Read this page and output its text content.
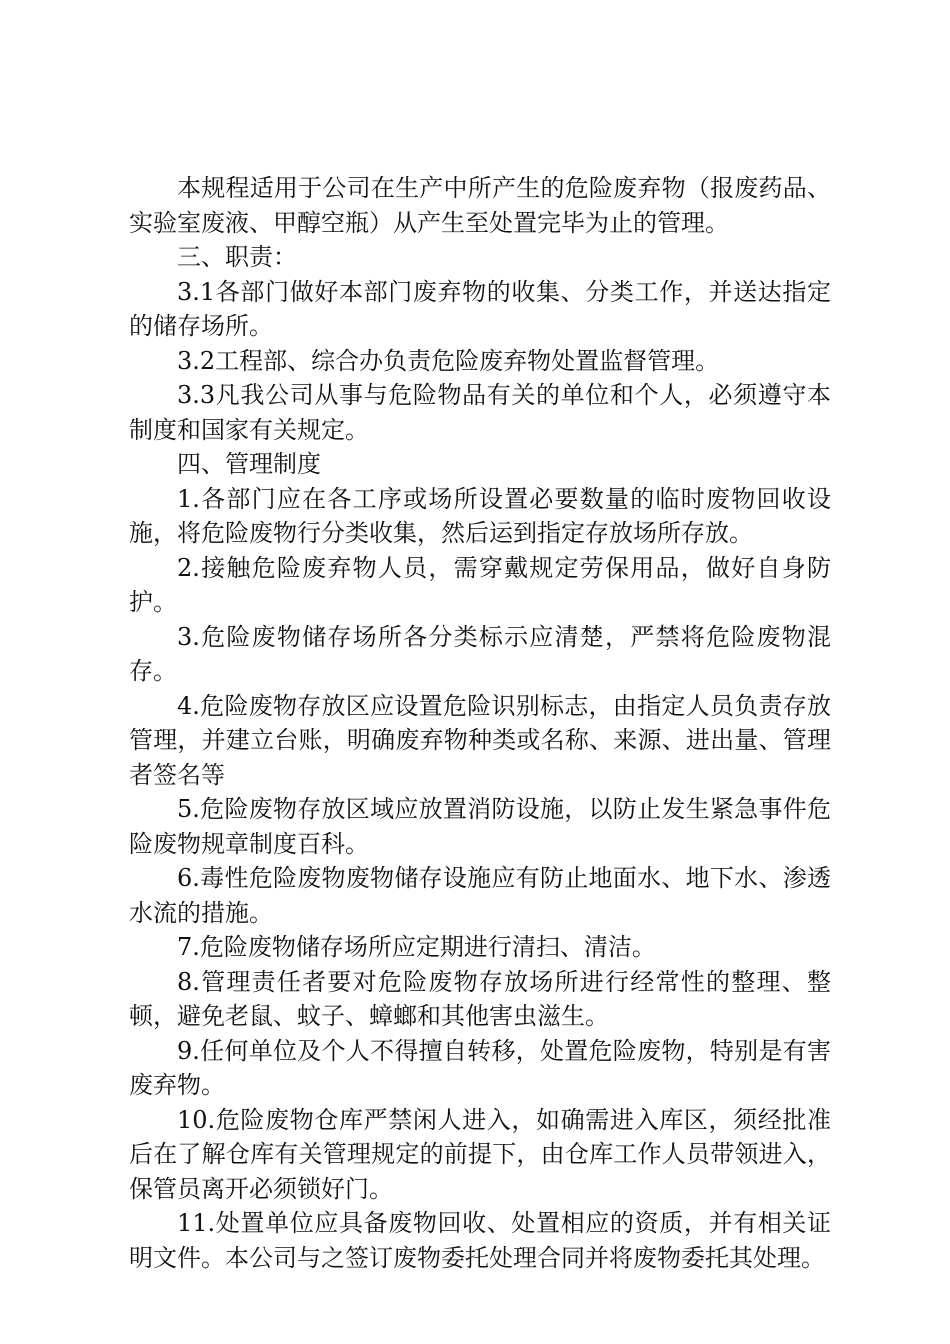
本规程适用于公司在生产中所产生的危险废弃物（报废药品、实验室废液、甲醇空瓶）从产生至处置完毕为止的管理。

三、职责：

3.1各部门做好本部门废弃物的收集、分类工作，并送达指定的储存场所。

3.2工程部、综合办负责危险废弃物处置监督管理。

3.3凡我公司从事与危险物品有关的单位和个人，必须遵守本制度和国家有关规定。

四、管理制度

1.各部门应在各工序或场所设置必要数量的临时废物回收设施，将危险废物行分类收集，然后运到指定存放场所存放。

2.接触危险废弃物人员，需穿戴规定劳保用品，做好自身防护。

3.危险废物储存场所各分类标示应清楚，严禁将危险废物混存。

4.危险废物存放区应设置危险识别标志，由指定人员负责存放管理，并建立台账，明确废弃物种类或名称、来源、进出量、管理者签名等

5.危险废物存放区域应放置消防设施，以防止发生紧急事件危险废物规章制度百科。

6.毒性危险废物废物储存设施应有防止地面水、地下水、渗透水流的措施。

7.危险废物储存场所应定期进行清扫、清洁。

8.管理责任者要对危险废物存放场所进行经常性的整理、整顿，避免老鼠、蚊子、蟑螂和其他害虫滋生。

9.任何单位及个人不得擅自转移，处置危险废物，特别是有害废弃物。

10.危险废物仓库严禁闲人进入，如确需进入库区，须经批准后在了解仓库有关管理规定的前提下，由仓库工作人员带领进入，保管员离开必须锁好门。

11.处置单位应具备废物回收、处置相应的资质，并有相关证明文件。本公司与之签订废物委托处理合同并将废物委托其处理。
